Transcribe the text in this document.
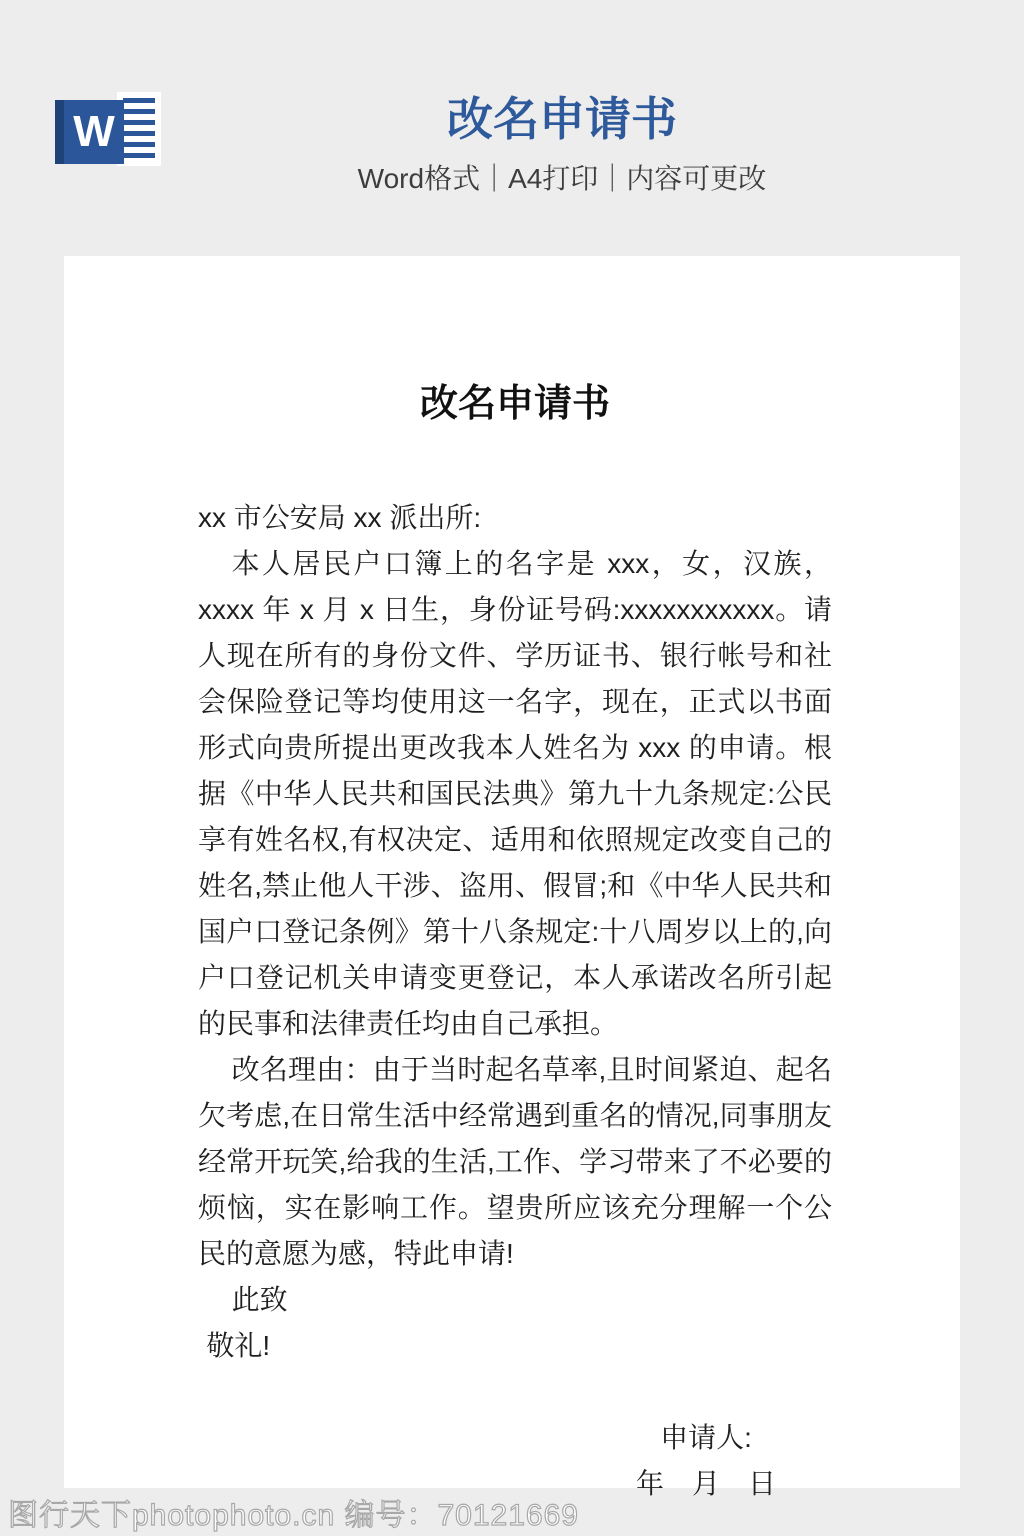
W	改名申请书
Word格式｜A4打印｜内容可更改
改名申请书

xx 市公安局 xx 派出所:

本人居民户口簿上的名字是 xxx，女，汉族，xxxx 年 x 月 x 日生，身份证号码:xxxxxxxxxxx。请人现在所有的身份文件、学历证书、银行帐号和社会保险登记等均使用这一名字，现在，正式以书面形式向贵所提出更改我本人姓名为 xxx 的申请。根据《中华人民共和国民法典》第九十九条规定:公民享有姓名权,有权决定、适用和依照规定改变自己的姓名,禁止他人干涉、盗用、假冒;和《中华人民共和国户口登记条例》第十八条规定:十八周岁以上的,向户口登记机关申请变更登记，本人承诺改名所引起的民事和法律责任均由自己承担。

改名理由：由于当时起名草率,且时间紧迫、起名欠考虑,在日常生活中经常遇到重名的情况,同事朋友经常开玩笑,给我的生活,工作、学习带来了不必要的烦恼，实在影响工作。望贵所应该充分理解一个公民的意愿为感，特此申请!

此致

敬礼!

申请人:

年　月　日

图行天下photophoto.cn 编号：70121669
